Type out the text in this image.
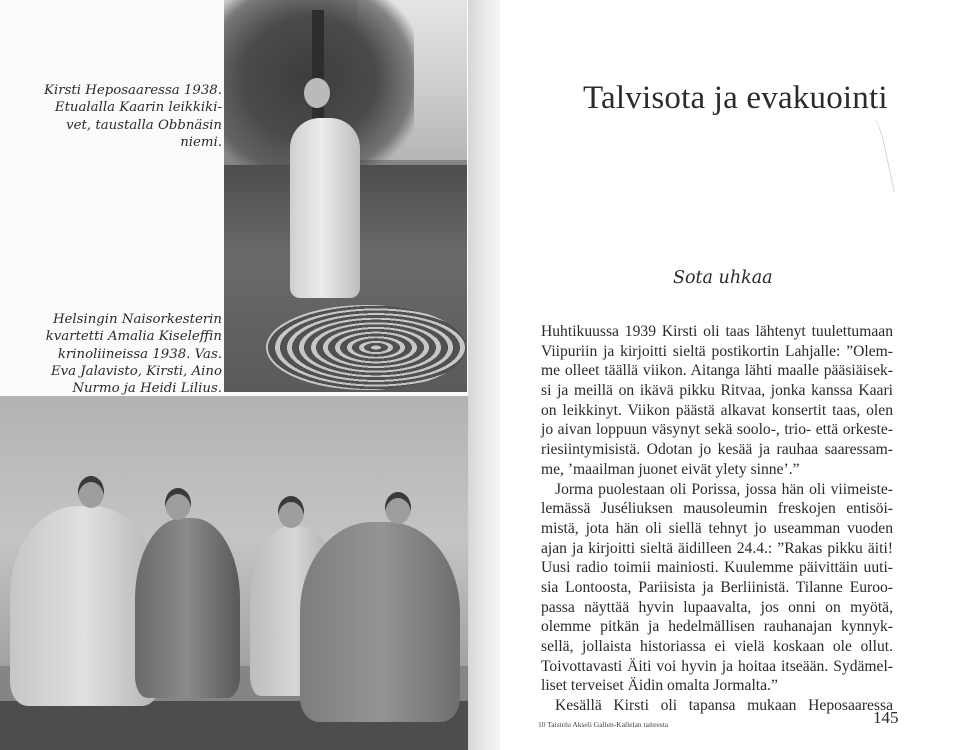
Kirsti Heposaaressa 1938.
Etualalla Kaarin leikkiki-
vet, taustalla Obbnäsin
niemi.
Helsingin Naisorkesterin
kvartetti Amalia Kiseleffin
krinoliineissa 1938. Vas.
Eva Jalavisto, Kirsti, Aino
Nurmo ja Heidi Lilius.
Talvisota ja evakuointi
Sota uhkaa
Huhtikuussa 1939 Kirsti oli taas lähtenyt tuulettumaan
Viipuriin ja kirjoitti sieltä postikortin Lahjalle: ”Olem-
me olleet täällä viikon. Aitanga lähti maalle pääsiäisek-
si ja meillä on ikävä pikku Ritvaa, jonka kanssa Kaari
on leikkinyt. Viikon päästä alkavat konsertit taas, olen
jo aivan loppuun väsynyt sekä soolo-, trio- että orkeste-
riesiintymisistä. Odotan jo kesää ja rauhaa saaressam-
me, ’maailman juonet eivät ylety sinne’.”
Jorma puolestaan oli Porissa, jossa hän oli viimeiste-
lemässä Juséliuksen mausoleumin freskojen entisöi-
mistä, jota hän oli siellä tehnyt jo useamman vuoden
ajan ja kirjoitti sieltä äidilleen 24.4.: ”Rakas pikku äiti!
Uusi radio toimii mainiosti. Kuulemme päivittäin uuti-
sia Lontoosta, Pariisista ja Berliinistä. Tilanne Euroo-
passa näyttää hyvin lupaavalta, jos onni on myötä,
olemme pitkän ja hedelmällisen rauhanajan kynnyk-
sellä, jollaista historiassa ei vielä koskaan ole ollut.
Toivottavasti Äiti voi hyvin ja hoitaa itseään. Sydämel-
liset terveiset Äidin omalta Jormalta.”
Kesällä Kirsti oli tapansa mukaan Heposaaressa
10 Taistelu Akseli Gallen-Kallelan taiteesta	145
